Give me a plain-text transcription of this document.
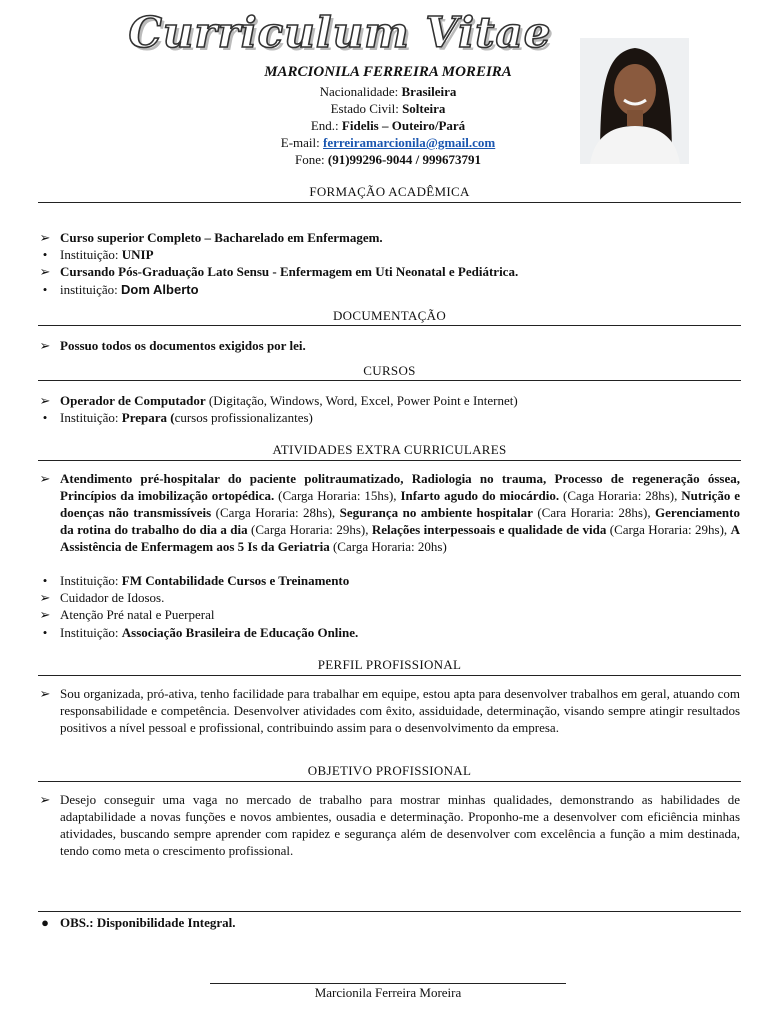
Curriculum Vitae
MARCIONILA FERREIRA MOREIRA
Nacionalidade: Brasileira
Estado Civil: Solteira
End.: Fidelis – Outeiro/Pará
E-mail: ferreiramarcionila@gmail.com
Fone: (91)99296-9044 / 999673791
FORMAÇÃO ACADÊMICA
➢ Curso superior Completo – Bacharelado em Enfermagem.
• Instituição: UNIP
➢ Cursando Pós-Graduação Lato Sensu - Enfermagem em Uti Neonatal e Pediátrica.
• instituição: Dom Alberto
DOCUMENTAÇÃO
➢ Possuo todos os documentos exigidos por lei.
CURSOS
➢ Operador de Computador (Digitação, Windows, Word, Excel, Power Point e Internet)
• Instituição: Prepara (cursos profissionalizantes)
ATIVIDADES EXTRA CURRICULARES
➢ Atendimento pré-hospitalar do paciente politraumatizado, Radiologia no trauma, Processo de regeneração óssea, Princípios da imobilização ortopédica. (Carga Horaria: 15hs), Infarto agudo do miocárdio. (Caga Horaria: 28hs), Nutrição e doenças não transmissíveis (Carga Horaria: 28hs), Segurança no ambiente hospitalar (Cara Horaria: 28hs), Gerenciamento da rotina do trabalho do dia a dia (Carga Horaria: 29hs), Relações interpessoais e qualidade de vida (Carga Horaria: 29hs), A Assistência de Enfermagem aos 5 Is da Geriatria (Carga Horaria: 20hs)
• Instituição: FM Contabilidade Cursos e Treinamento
➢ Cuidador de Idosos.
➢ Atenção Pré natal e Puerperal
• Instituição: Associação Brasileira de Educação Online.
PERFIL PROFISSIONAL
➢ Sou organizada, pró-ativa, tenho facilidade para trabalhar em equipe, estou apta para desenvolver trabalhos em geral, atuando com responsabilidade e competência. Desenvolver atividades com êxito, assiduidade, determinação, visando sempre atingir resultados positivos a nível pessoal e profissional, contribuindo assim para o desenvolvimento da empresa.
OBJETIVO PROFISSIONAL
➢ Desejo conseguir uma vaga no mercado de trabalho para mostrar minhas qualidades, demonstrando as habilidades de adaptabilidade a novas funções e novos ambientes, ousadia e determinação. Proponho-me a desenvolver com eficiência minhas atividades, buscando sempre aprender com rapidez e segurança além de desenvolver com excelência a função a mim destinada, tendo como meta o crescimento profissional.
● OBS.: Disponibilidade Integral.
Marcionila Ferreira Moreira
